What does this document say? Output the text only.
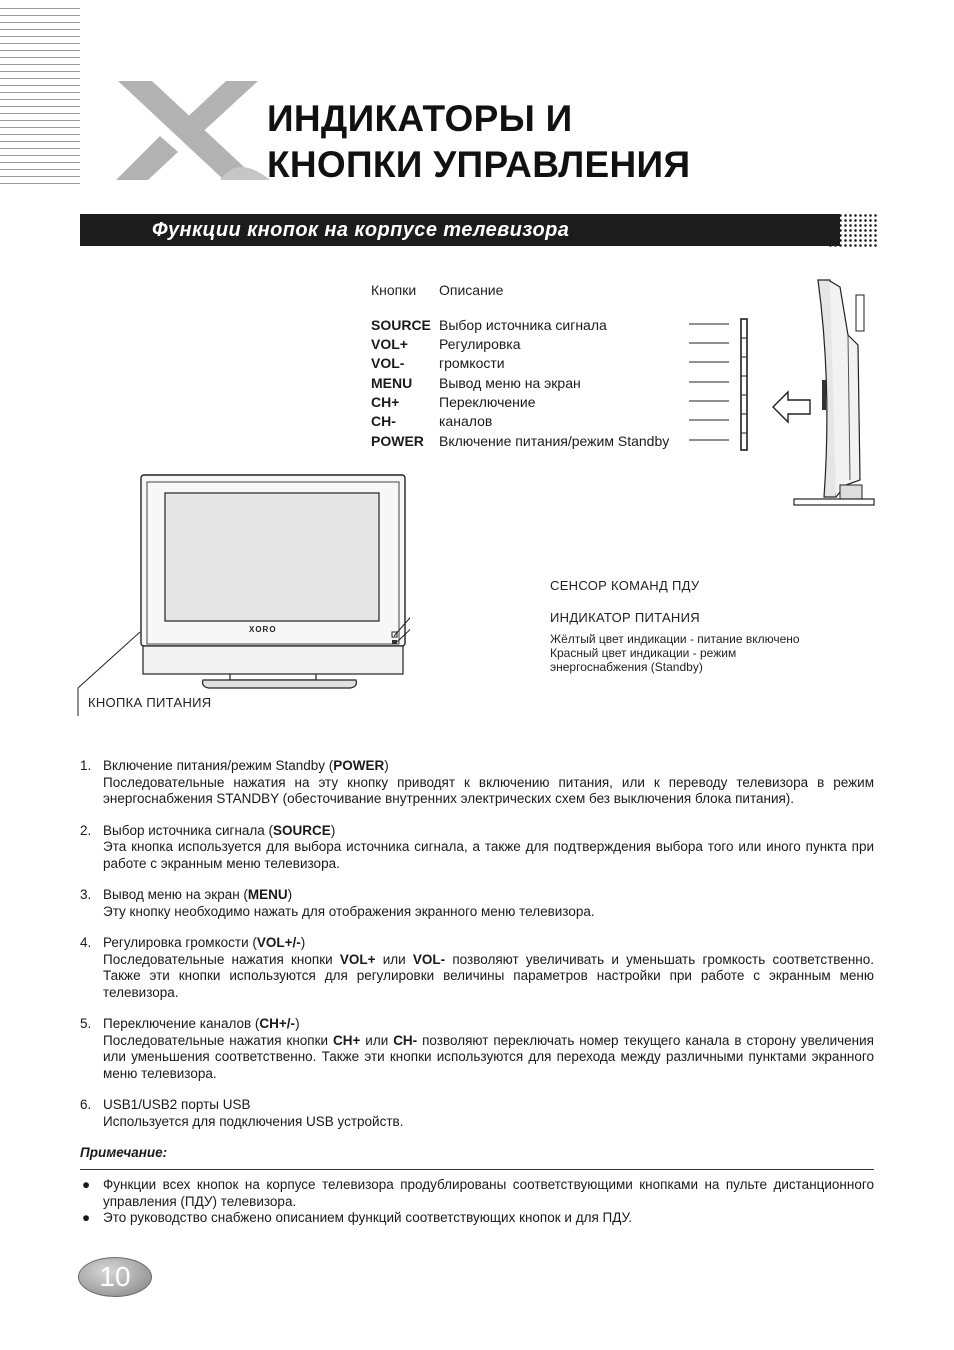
ИНДИКАТОРЫ И
КНОПКИ УПРАВЛЕНИЯ
Функции кнопок на корпусе телевизора
Кнопки Описание
SOURCE Выбор источника сигнала
VOL+ Регулировка
VOL- громкости
MENU Вывод меню на экран
CH+	Переключение
CH-	каналов
POWER Включение питания/режим Standby
XORO
СЕНСОР КОМАНД ПДУ
ИНДИКАТОР ПИТАНИЯ
Жёлтый цвет индикации - питание включено
Красный цвет индикации - режим
энергоснабжения (Standby)
КНОПКА ПИТАНИЯ
1. Включение питания/режим Standby (POWER)

Последовательные нажатия на эту кнопку приводят к включению питания, или к переводу телевизора в режим энергоснабжения STANDBY (обесточивание внутренних электрических схем без выключения блока питания).

2. Выбор источника сигнала (SOURCE)

Эта кнопка используется для выбора источника сигнала, а также для подтверждения выбора того или иного пункта при работе с экранным меню телевизора.

3. Вывод меню на экран (MENU)

Эту кнопку необходимо нажать для отображения экранного меню телевизора.

4. Регулировка громкости (VOL+/-)

Последовательные нажатия кнопки VOL+ или VOL- позволяют увеличивать и уменьшать громкость соответственно. Также эти кнопки используются для регулировки величины параметров настройки при работе с экранным меню телевизора.

5. Переключение каналов (CH+/-)

Последовательные нажатия кнопки CH+ или CH- позволяют переключать номер текущего канала в сторону увеличения или уменьшения соответственно. Также эти кнопки используются для перехода между различными пунктами экранного меню телевизора.

6. USB1/USB2 порты USB

Используется для подключения USB устройств.

Примечание:
● Функции всех кнопок на корпусе телевизора продублированы соответствующими кнопками на пульте дистанционного управления (ПДУ) телевизора.
● Это руководство снабжено описанием функций соответствующих кнопок и для ПДУ.
10
